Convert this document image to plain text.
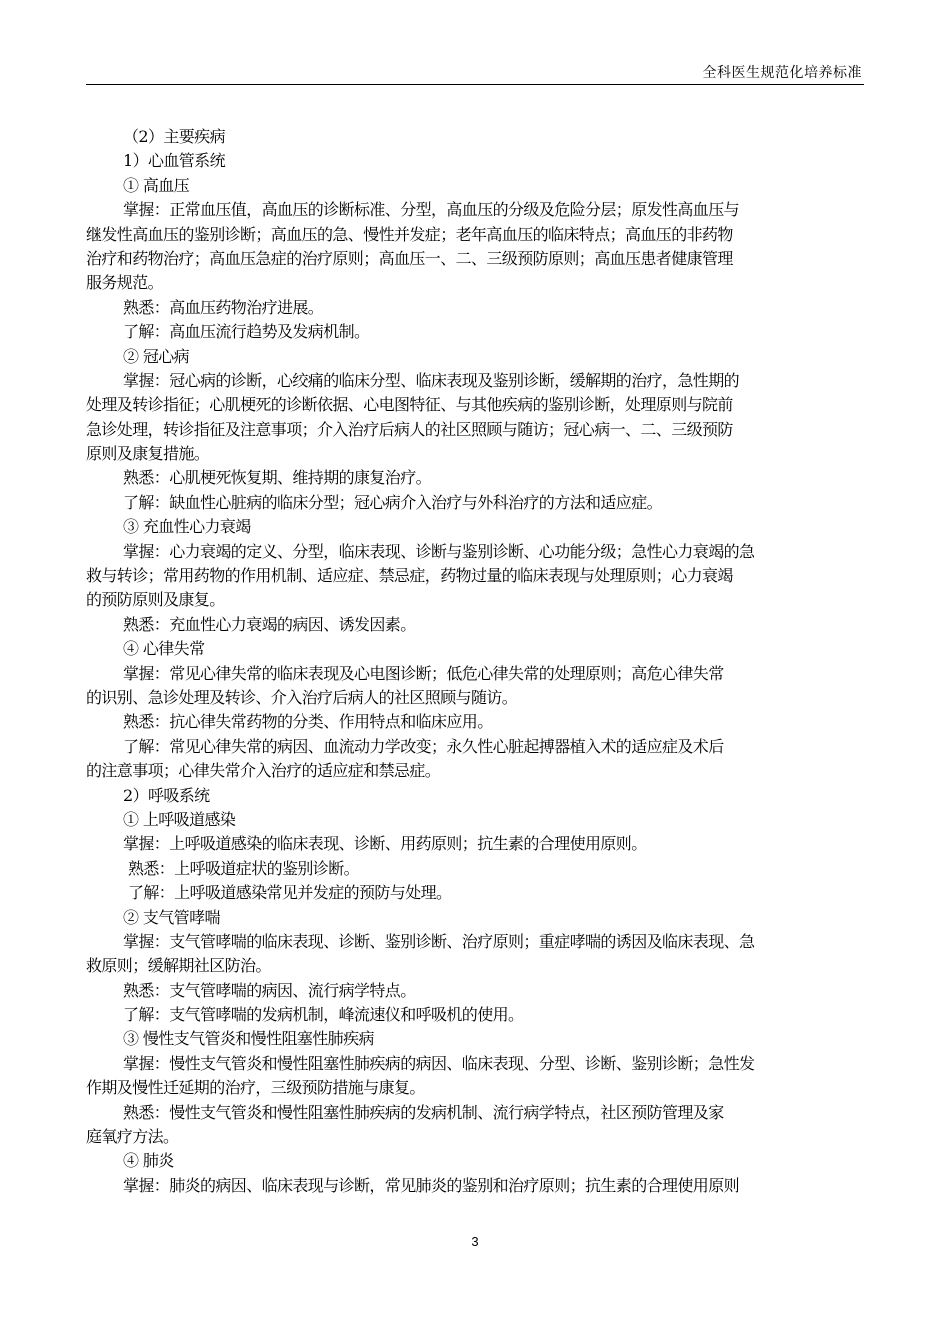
全科医生规范化培养标准
（2）主要疾病
1）心血管系统
① 高血压
掌握：正常血压值，高血压的诊断标准、分型，高血压的分级及危险分层；原发性高血压与
继发性高血压的鉴别诊断；高血压的急、慢性并发症；老年高血压的临床特点；高血压的非药物
治疗和药物治疗；高血压急症的治疗原则；高血压一、二、三级预防原则；高血压患者健康管理
服务规范。
熟悉：高血压药物治疗进展。
了解：高血压流行趋势及发病机制。
② 冠心病
掌握：冠心病的诊断，心绞痛的临床分型、临床表现及鉴别诊断，缓解期的治疗，急性期的
处理及转诊指征；心肌梗死的诊断依据、心电图特征、与其他疾病的鉴别诊断，处理原则与院前
急诊处理，转诊指征及注意事项；介入治疗后病人的社区照顾与随访；冠心病一、二、三级预防
原则及康复措施。
熟悉：心肌梗死恢复期、维持期的康复治疗。
了解：缺血性心脏病的临床分型；冠心病介入治疗与外科治疗的方法和适应症。
③ 充血性心力衰竭
掌握：心力衰竭的定义、分型，临床表现、诊断与鉴别诊断、心功能分级；急性心力衰竭的急
救与转诊；常用药物的作用机制、适应症、禁忌症，药物过量的临床表现与处理原则；心力衰竭
的预防原则及康复。
熟悉：充血性心力衰竭的病因、诱发因素。
④ 心律失常
掌握：常见心律失常的临床表现及心电图诊断；低危心律失常的处理原则；高危心律失常
的识别、急诊处理及转诊、介入治疗后病人的社区照顾与随访。
熟悉：抗心律失常药物的分类、作用特点和临床应用。
了解：常见心律失常的病因、血流动力学改变；永久性心脏起搏器植入术的适应症及术后
的注意事项；心律失常介入治疗的适应症和禁忌症。
2）呼吸系统
① 上呼吸道感染
掌握：上呼吸道感染的临床表现、诊断、用药原则；抗生素的合理使用原则。
熟悉：上呼吸道症状的鉴别诊断。
了解：上呼吸道感染常见并发症的预防与处理。
② 支气管哮喘
掌握：支气管哮喘的临床表现、诊断、鉴别诊断、治疗原则；重症哮喘的诱因及临床表现、急
救原则；缓解期社区防治。
熟悉：支气管哮喘的病因、流行病学特点。
了解：支气管哮喘的发病机制，峰流速仪和呼吸机的使用。
③ 慢性支气管炎和慢性阻塞性肺疾病
掌握：慢性支气管炎和慢性阻塞性肺疾病的病因、临床表现、分型、诊断、鉴别诊断；急性发
作期及慢性迁延期的治疗，三级预防措施与康复。
熟悉：慢性支气管炎和慢性阻塞性肺疾病的发病机制、流行病学特点，社区预防管理及家
庭氧疗方法。
④ 肺炎
掌握：肺炎的病因、临床表现与诊断，常见肺炎的鉴别和治疗原则；抗生素的合理使用原则
3
